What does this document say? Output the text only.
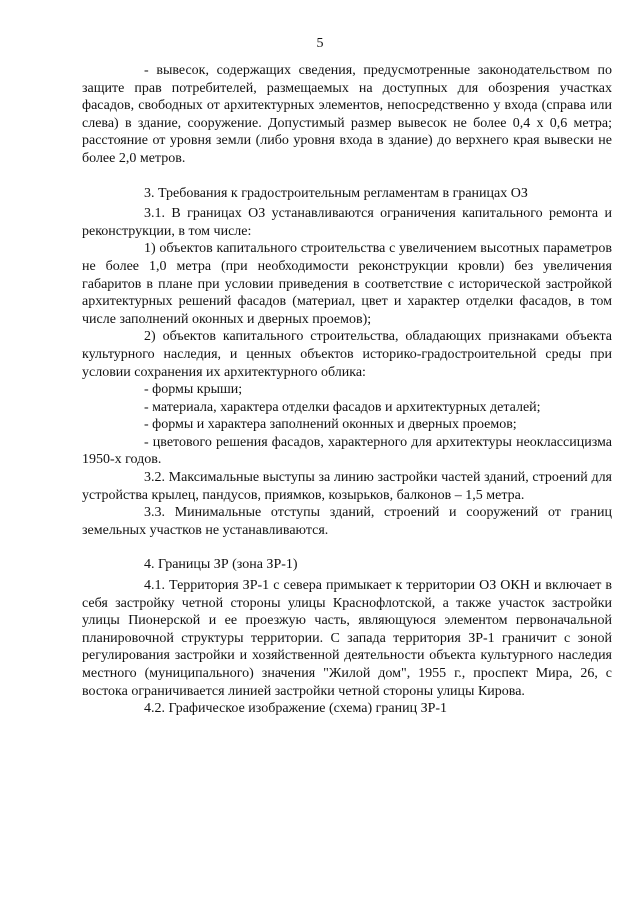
5

- вывесок, содержащих сведения, предусмотренные законодательством по защите прав потребителей, размещаемых на доступных для обозрения участках фасадов, свободных от архитектурных элементов, непосредственно у входа (справа или слева) в здание, сооружение. Допустимый размер вывесок не более 0,4 х 0,6 метра; расстояние от уровня земли (либо уровня входа в здание) до верхнего края вывески не более 2,0 метров.

3. Требования к градостроительным регламентам в границах ОЗ

3.1. В границах ОЗ устанавливаются ограничения капитального ремонта и реконструкции, в том числе:

1) объектов капитального строительства с увеличением высотных параметров не более 1,0 метра (при необходимости реконструкции кровли) без увеличения габаритов в плане при условии приведения в соответствие с исторической застройкой архитектурных решений фасадов (материал, цвет и характер отделки фасадов, в том числе заполнений оконных и дверных проемов);

2) объектов капитального строительства, обладающих признаками объекта культурного наследия, и ценных объектов историко-градостроительной среды при условии сохранения их архитектурного облика:

- формы крыши;

- материала, характера отделки фасадов и архитектурных деталей;

- формы и характера заполнений оконных и дверных проемов;

- цветового решения фасадов, характерного для архитектуры неоклассицизма 1950-х годов.

3.2. Максимальные выступы за линию застройки частей зданий, строений для устройства крылец, пандусов, приямков, козырьков, балконов – 1,5 метра.

3.3. Минимальные отступы зданий, строений и сооружений от границ земельных участков не устанавливаются.

4. Границы ЗР (зона ЗР-1)

4.1. Территория ЗР-1 с севера примыкает к территории ОЗ ОКН и включает в себя застройку четной стороны улицы Краснофлотской, а также участок застройки улицы Пионерской и ее проезжую часть, являющуюся элементом первоначальной планировочной структуры территории. С запада территория ЗР-1 граничит с зоной регулирования застройки и хозяйственной деятельности объекта культурного наследия местного (муниципального) значения "Жилой дом", 1955 г., проспект Мира, 26, с востока ограничивается линией застройки четной стороны улицы Кирова.

4.2. Графическое изображение (схема) границ ЗР-1
